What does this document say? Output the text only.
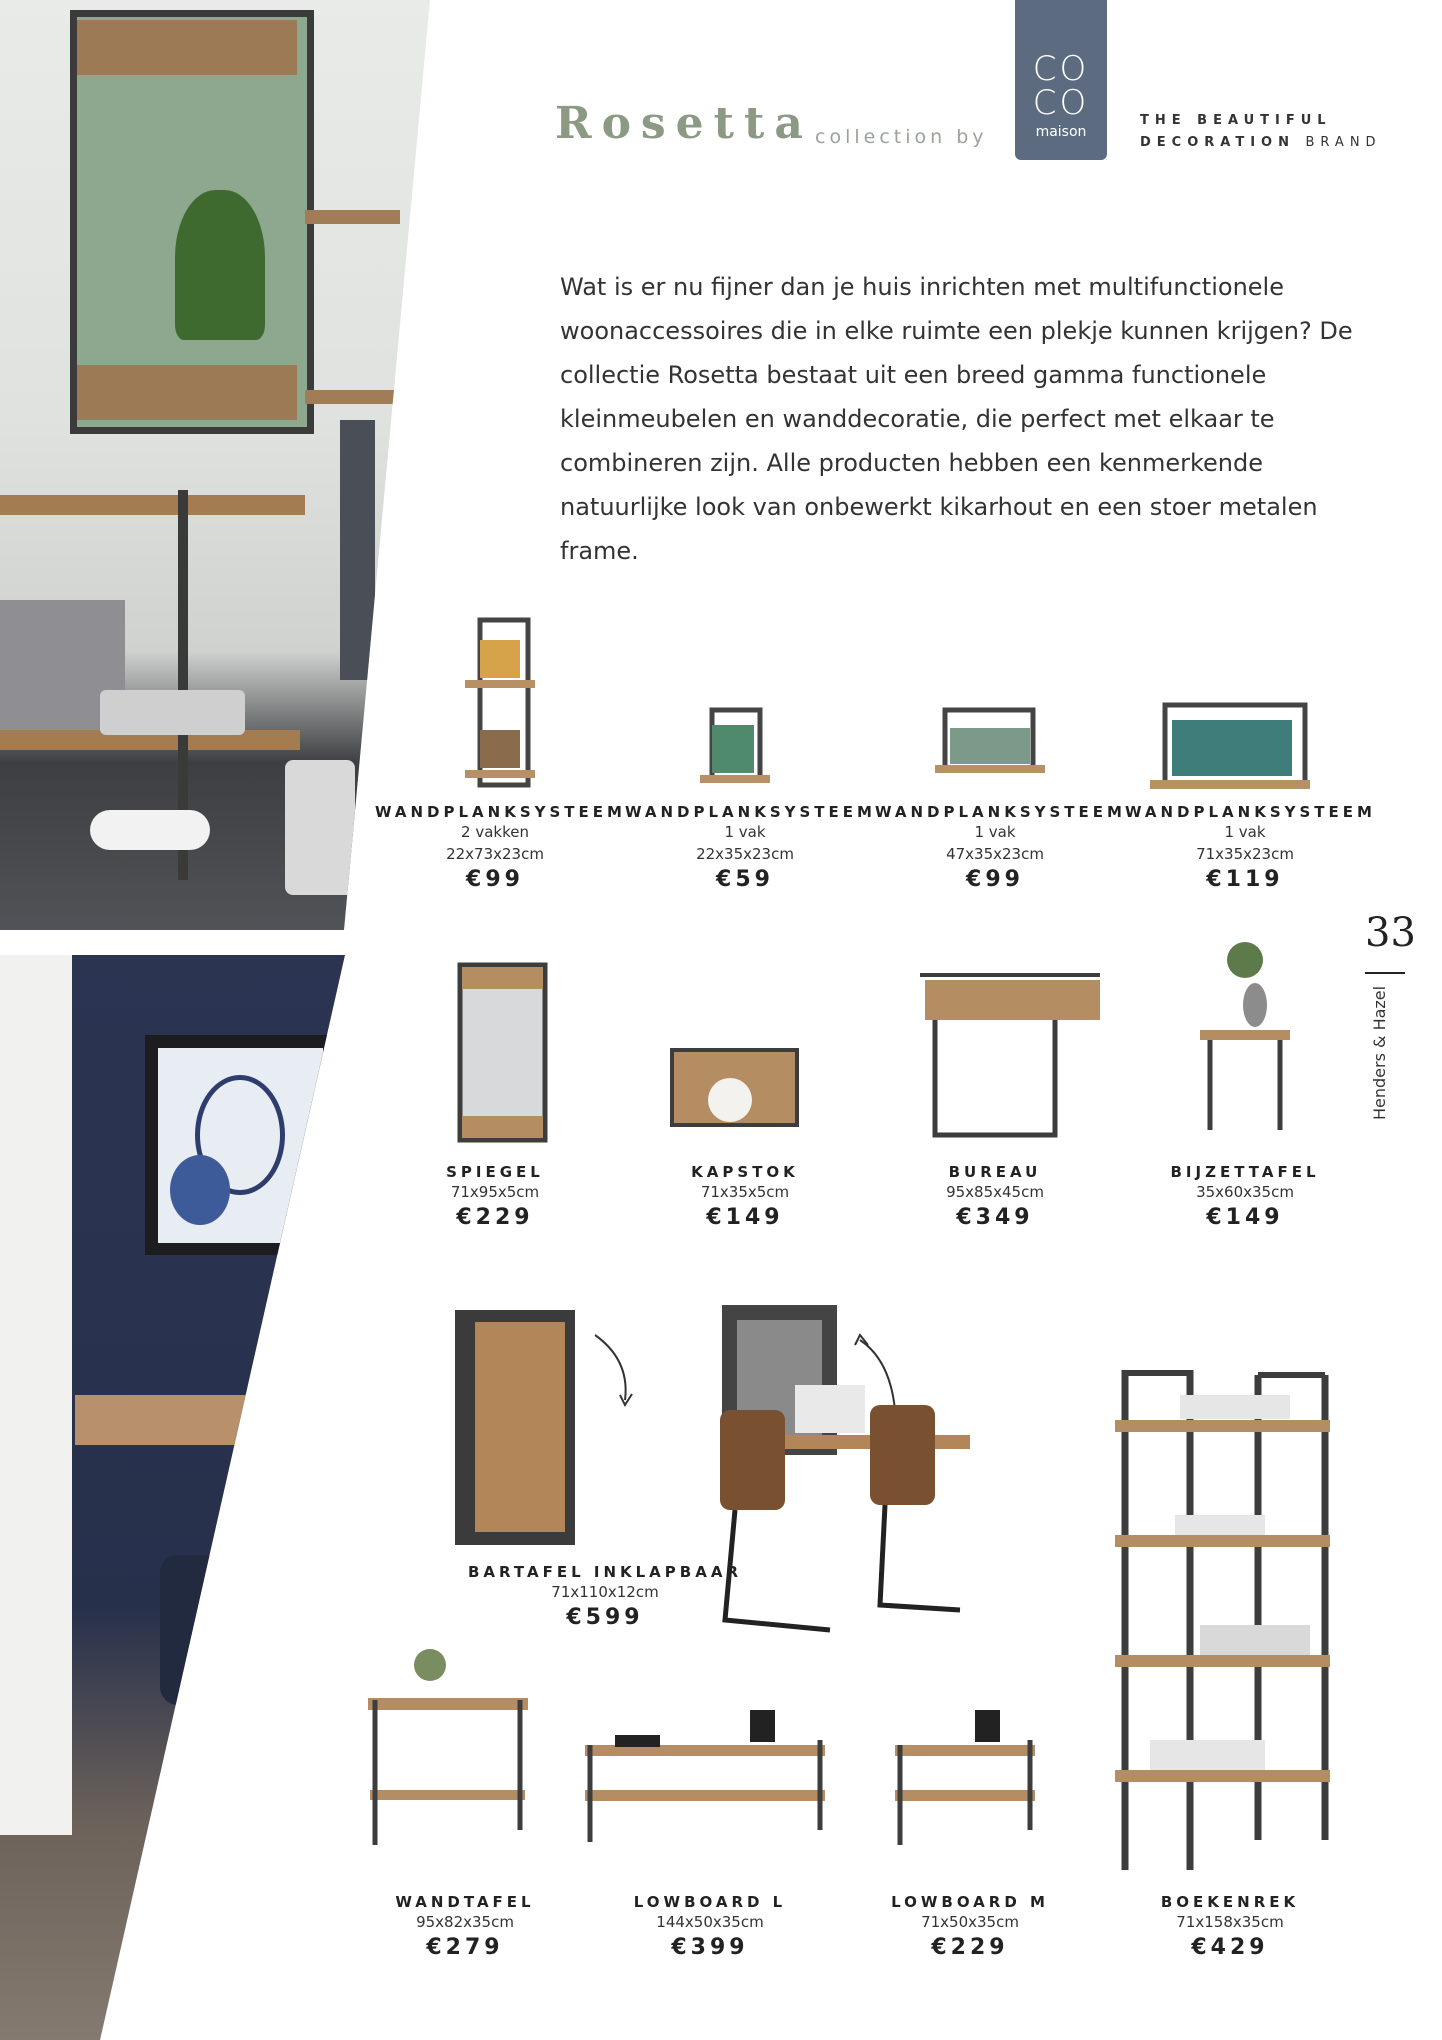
Rosetta collection by
CO
CO
maison
THE BEAUTIFUL
DECORATION BRAND
Wat is er nu fijner dan je huis inrichten met multifunctionele woonaccessoires die in elke ruimte een plekje kunnen krijgen? De collectie Rosetta bestaat uit een breed gamma functionele kleinmeubelen en wanddecoratie, die perfect met elkaar te combineren zijn. Alle producten hebben een kenmerkende natuurlijke look van onbewerkt kikarhout en een stoer metalen frame.
WANDPLANKSYSTEEM
2 vakken
22x73x23cm
€99
WANDPLANKSYSTEEM
1 vak
22x35x23cm
€59
WANDPLANKSYSTEEM
1 vak
47x35x23cm
€99
WANDPLANKSYSTEEM
1 vak
71x35x23cm
€119
SPIEGEL
71x95x5cm
€229
KAPSTOK
71x35x5cm
€149
BUREAU
95x85x45cm
€349
BIJZETTAFEL
35x60x35cm
€149
BARTAFEL INKLAPBAAR
71x110x12cm
€599
WANDTAFEL
95x82x35cm
€279
LOWBOARD L
144x50x35cm
€399
LOWBOARD M
71x50x35cm
€229
BOEKENREK
71x158x35cm
€429
33
Henders & Hazel
